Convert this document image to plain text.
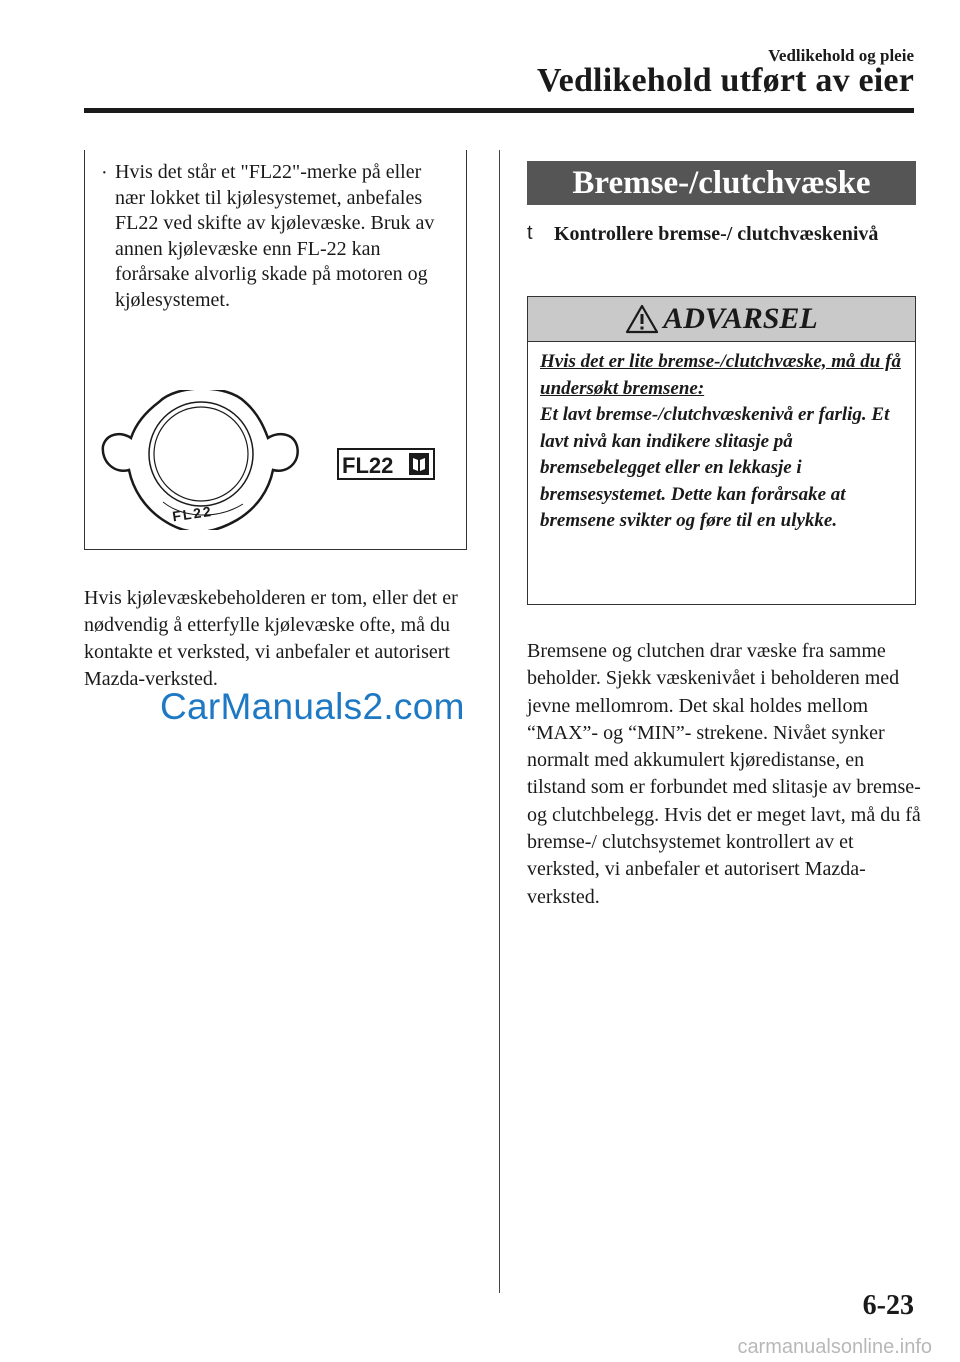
Vedlikehold og pleie
Vedlikehold utført av eier
· Hvis det står et "FL22"-merke på eller nær lokket til kjølesystemet, anbefales FL22 ved skifte av kjølevæske. Bruk av annen kjølevæske enn FL-22 kan forårsake alvorlig skade på motoren og kjølesystemet.
FL22
FL22
Hvis kjølevæskebeholderen er tom, eller det er nødvendig å etterfylle kjølevæske ofte, må du kontakte et verksted, vi anbefaler et autorisert Mazda-verksted.
CarManuals2.com
Bremse-/clutchvæske
t Kontrollere bremse-/ clutchvæskenivå
ADVARSEL
Hvis det er lite bremse-/clutchvæske, må du få undersøkt bremsene:
Et lavt bremse-/clutchvæskenivå er farlig. Et lavt nivå kan indikere slitasje på bremsebelegget eller en lekkasje i bremsesystemet. Dette kan forårsake at bremsene svikter og føre til en ulykke.
Bremsene og clutchen drar væske fra samme beholder. Sjekk væskenivået i beholderen med jevne mellomrom. Det skal holdes mellom “MAX”- og “MIN”- strekene. Nivået synker normalt med akkumulert kjøredistanse, en tilstand som er forbundet med slitasje av bremse- og clutchbelegg. Hvis det er meget lavt, må du få bremse-/ clutchsystemet kontrollert av et verksted, vi anbefaler et autorisert Mazda-verksted.
6-23
carmanualsonline.info
